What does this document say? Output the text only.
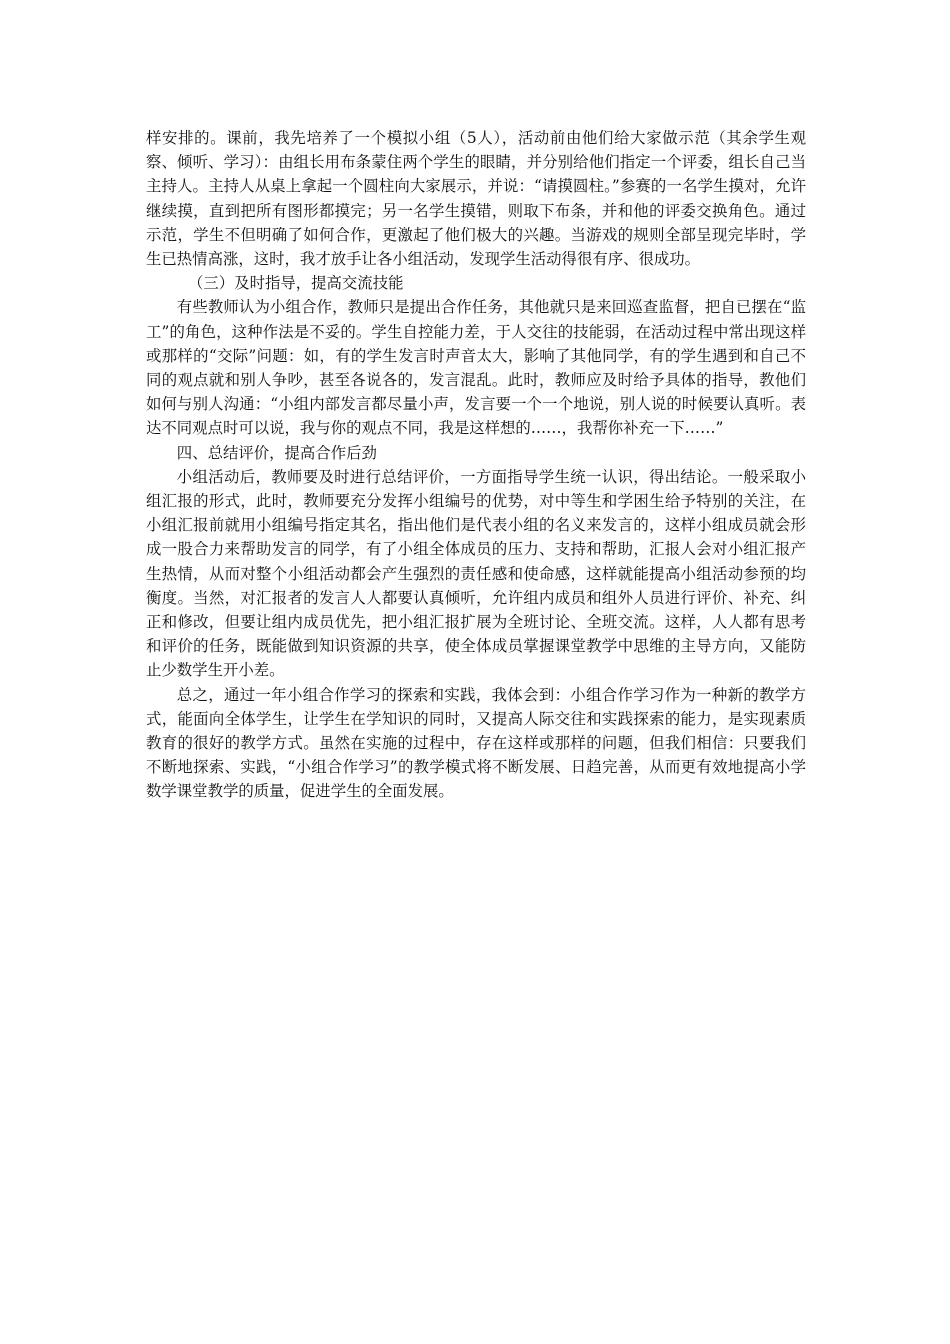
样安排的。课前，我先培养了一个模拟小组（5人），活动前由他们给大家做示范（其余学生观察、倾听、学习）：由组长用布条蒙住两个学生的眼睛，并分别给他们指定一个评委，组长自己当主持人。主持人从桌上拿起一个圆柱向大家展示，并说：“请摸圆柱。”参赛的一名学生摸对，允许继续摸，直到把所有图形都摸完；另一名学生摸错，则取下布条，并和他的评委交换角色。通过示范，学生不但明确了如何合作，更激起了他们极大的兴趣。当游戏的规则全部呈现完毕时，学生已热情高涨，这时，我才放手让各小组活动，发现学生活动得很有序、很成功。

（三）及时指导，提高交流技能

有些教师认为小组合作，教师只是提出合作任务，其他就只是来回巡查监督，把自已摆在“监工”的角色，这种作法是不妥的。学生自控能力差，于人交往的技能弱，在活动过程中常出现这样或那样的“交际”问题：如，有的学生发言时声音太大，影响了其他同学，有的学生遇到和自己不同的观点就和别人争吵，甚至各说各的，发言混乱。此时，教师应及时给予具体的指导，教他们如何与别人沟通：“小组内部发言都尽量小声，发言要一个一个地说，别人说的时候要认真听。表达不同观点时可以说，我与你的观点不同，我是这样想的……，我帮你补充一下……”

四、总结评价，提高合作后劲

小组活动后，教师要及时进行总结评价，一方面指导学生统一认识，得出结论。一般采取小组汇报的形式，此时，教师要充分发挥小组编号的优势，对中等生和学困生给予特别的关注，在小组汇报前就用小组编号指定其名，指出他们是代表小组的名义来发言的，这样小组成员就会形成一股合力来帮助发言的同学，有了小组全体成员的压力、支持和帮助，汇报人会对小组汇报产生热情，从而对整个小组活动都会产生强烈的责任感和使命感，这样就能提高小组活动参预的均衡度。当然，对汇报者的发言人人都要认真倾听，允许组内成员和组外人员进行评价、补充、纠正和修改，但要让组内成员优先，把小组汇报扩展为全班讨论、全班交流。这样，人人都有思考和评价的任务，既能做到知识资源的共享，使全体成员掌握课堂教学中思维的主导方向，又能防止少数学生开小差。

总之，通过一年小组合作学习的探索和实践，我体会到：小组合作学习作为一种新的教学方式，能面向全体学生，让学生在学知识的同时，又提高人际交往和实践探索的能力，是实现素质教育的很好的教学方式。虽然在实施的过程中，存在这样或那样的问题，但我们相信：只要我们不断地探索、实践，“小组合作学习”的教学模式将不断发展、日趋完善，从而更有效地提高小学数学课堂教学的质量，促进学生的全面发展。
